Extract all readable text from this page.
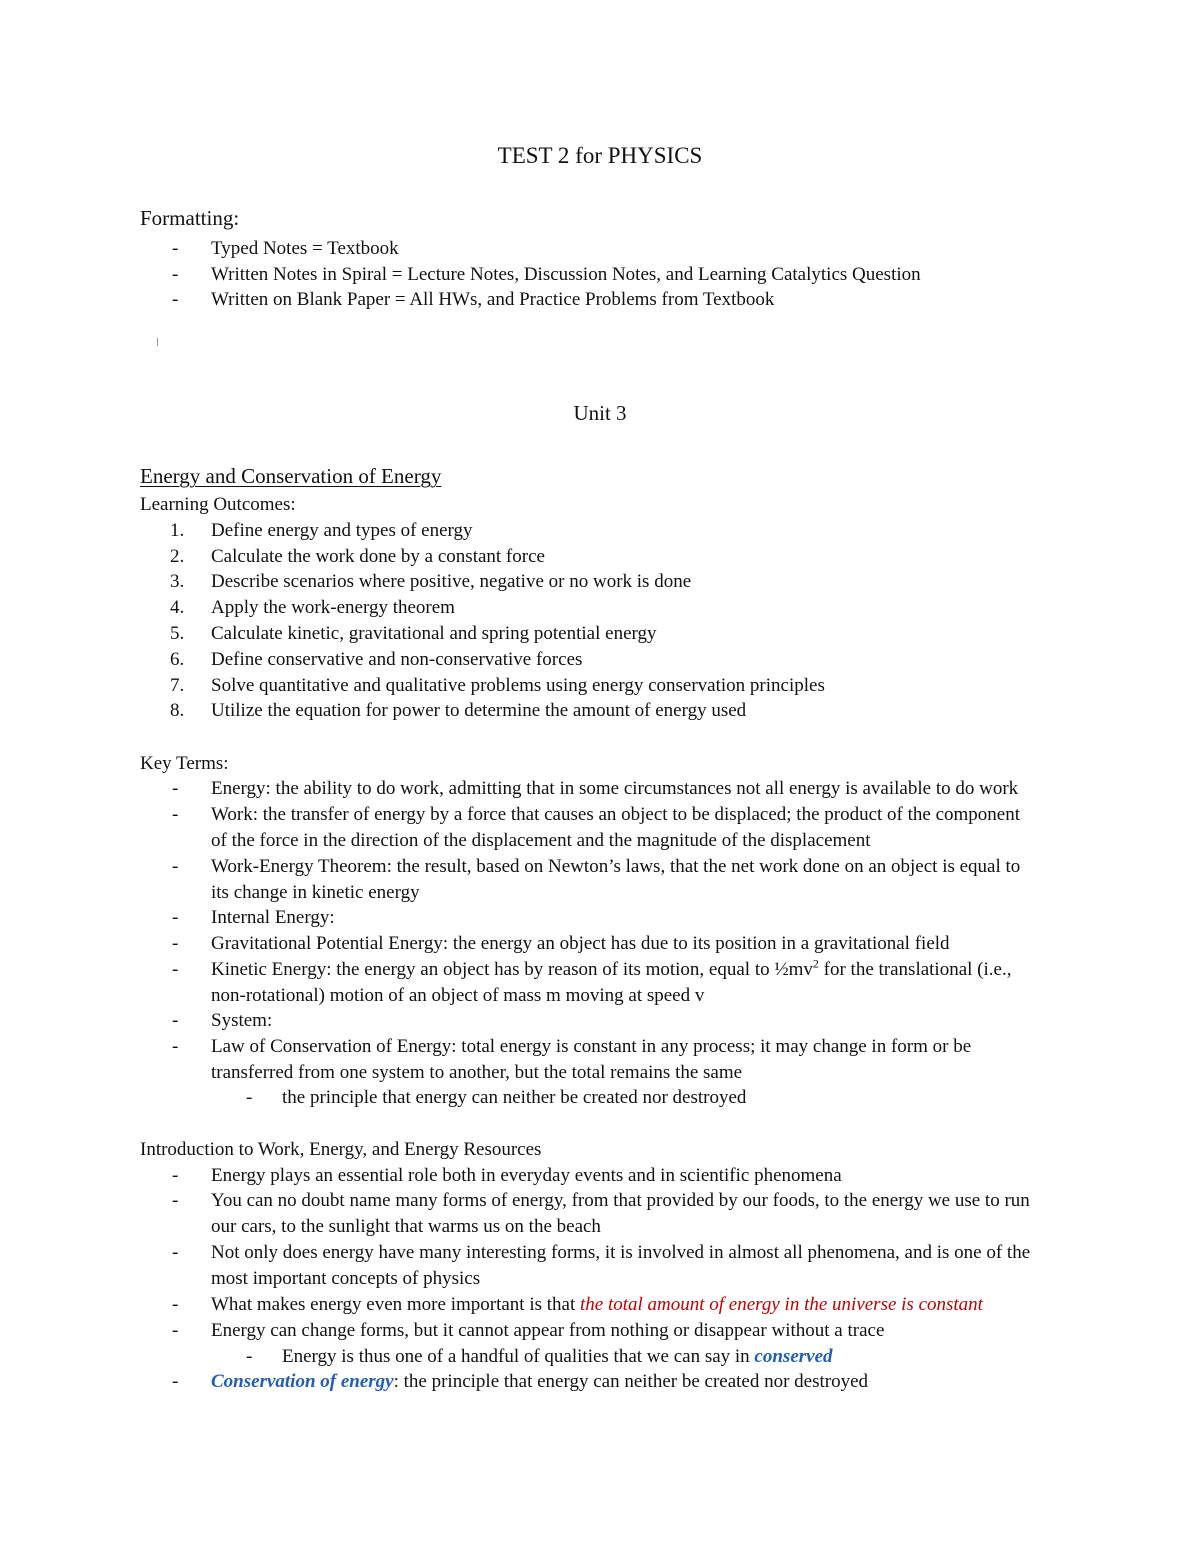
TEST 2 for PHYSICS
Formatting:
-	Typed Notes = Textbook
-	Written Notes in Spiral = Lecture Notes, Discussion Notes, and Learning Catalytics Question
-	Written on Blank Paper = All HWs, and Practice Problems from Textbook
Unit 3
Energy and Conservation of Energy
Learning Outcomes:
1.	Define energy and types of energy
2.	Calculate the work done by a constant force
3.	Describe scenarios where positive, negative or no work is done
4.	Apply the work-energy theorem
5.	Calculate kinetic, gravitational and spring potential energy
6.	Define conservative and non-conservative forces
7.	Solve quantitative and qualitative problems using energy conservation principles
8.	Utilize the equation for power to determine the amount of energy used
Key Terms:
-	Energy: the ability to do work, admitting that in some circumstances not all energy is available to do work
-	Work: the transfer of energy by a force that causes an object to be displaced; the product of the component
of the force in the direction of the displacement and the magnitude of the displacement
-	Work-Energy Theorem: the result, based on Newton’s laws, that the net work done on an object is equal to
its change in kinetic energy
-	Internal Energy:
-	Gravitational Potential Energy: the energy an object has due to its position in a gravitational field
-	Kinetic Energy: the energy an object has by reason of its motion, equal to $\frac{1}{2}mv^2$ for the translational (i.e.,
non-rotational) motion of an object of mass m moving at speed v
-	System:
-	Law of Conservation of Energy: total energy is constant in any process; it may change in form or be
transferred from one system to another, but the total remains the same
-	the principle that energy can neither be created nor destroyed
Introduction to Work, Energy, and Energy Resources
-	Energy plays an essential role both in everyday events and in scientific phenomena
-	You can no doubt name many forms of energy, from that provided by our foods, to the energy we use to run
our cars, to the sunlight that warms us on the beach
-	Not only does energy have many interesting forms, it is involved in almost all phenomena, and is one of the
most important concepts of physics
-	What makes energy even more important is that the total amount of energy in the universe is constant
-	Energy can change forms, but it cannot appear from nothing or disappear without a trace
-	Energy is thus one of a handful of qualities that we can say in conserved
-	Conservation of energy: the principle that energy can neither be created nor destroyed
